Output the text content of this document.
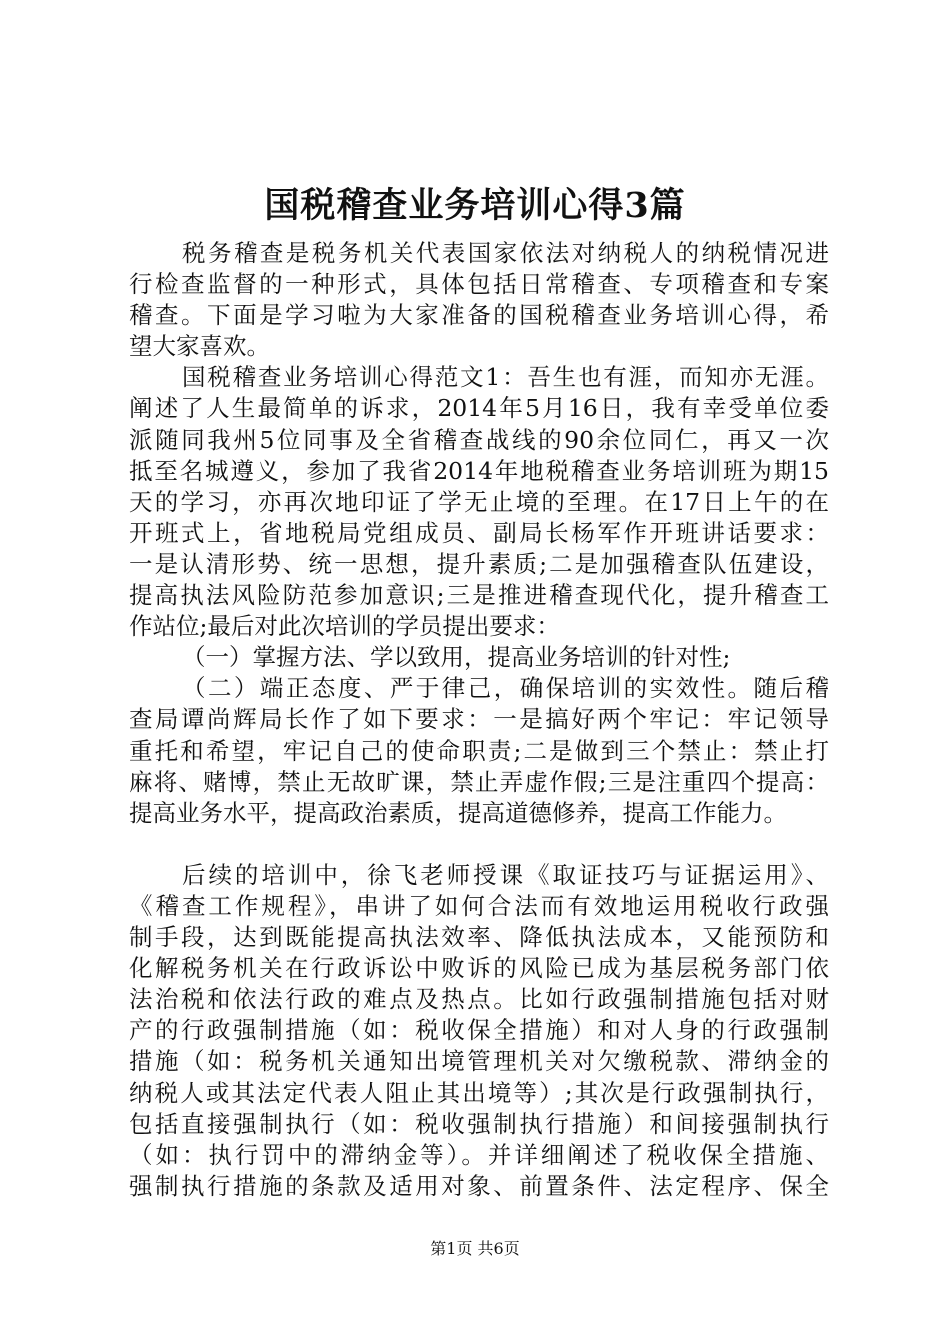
国税稽查业务培训心得3篇
税务稽查是税务机关代表国家依法对纳税人的纳税情况进
行检查监督的一种形式，具体包括日常稽查、专项稽查和专案
稽查。下面是学习啦为大家准备的国税稽查业务培训心得，希
望大家喜欢。
国税稽查业务培训心得范文1：吾生也有涯，而知亦无涯。
阐述了人生最简单的诉求，2014年5月16日，我有幸受单位委
派随同我州5位同事及全省稽查战线的90余位同仁，再又一次
抵至名城遵义，参加了我省2014年地税稽查业务培训班为期15
天的学习，亦再次地印证了学无止境的至理。在17日上午的在
开班式上，省地税局党组成员、副局长杨军作开班讲话要求：
一是认清形势、统一思想，提升素质;二是加强稽查队伍建设，
提高执法风险防范参加意识;三是推进稽查现代化，提升稽查工
作站位;最后对此次培训的学员提出要求：
（一）掌握方法、学以致用，提高业务培训的针对性;
（二）端正态度、严于律己，确保培训的实效性。随后稽
查局谭尚辉局长作了如下要求：一是搞好两个牢记：牢记领导
重托和希望，牢记自己的使命职责;二是做到三个禁止：禁止打
麻将、赌博，禁止无故旷课，禁止弄虚作假;三是注重四个提高：
提高业务水平，提高政治素质，提高道德修养，提高工作能力。
后续的培训中，徐飞老师授课《取证技巧与证据运用》、
《稽查工作规程》，串讲了如何合法而有效地运用税收行政强
制手段，达到既能提高执法效率、降低执法成本，又能预防和
化解税务机关在行政诉讼中败诉的风险已成为基层税务部门依
法治税和依法行政的难点及热点。比如行政强制措施包括对财
产的行政强制措施（如：税收保全措施）和对人身的行政强制
措施（如：税务机关通知出境管理机关对欠缴税款、滞纳金的
纳税人或其法定代表人阻止其出境等）;其次是行政强制执行，
包括直接强制执行（如：税收强制执行措施）和间接强制执行
（如：执行罚中的滞纳金等）。并详细阐述了税收保全措施、
强制执行措施的条款及适用对象、前置条件、法定程序、保全
第1页 共6页
